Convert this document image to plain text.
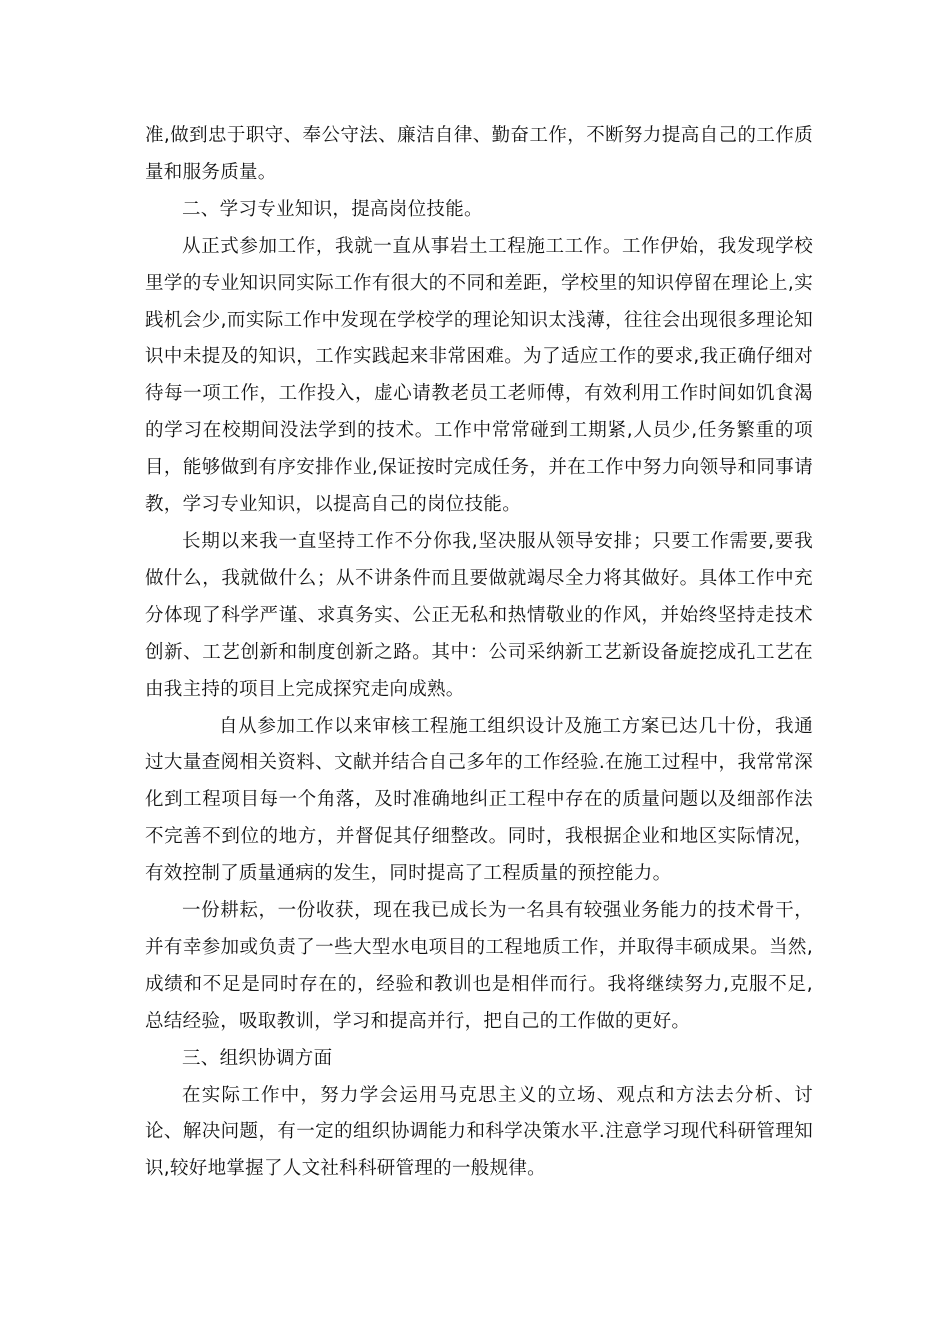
准,做到忠于职守、奉公守法、廉洁自律、勤奋工作，不断努力提高自己的工作质量和服务质量。

二、学习专业知识，提高岗位技能。

从正式参加工作，我就一直从事岩土工程施工工作。工作伊始，我发现学校里学的专业知识同实际工作有很大的不同和差距，学校里的知识停留在理论上,实践机会少,而实际工作中发现在学校学的理论知识太浅薄，往往会出现很多理论知识中未提及的知识，工作实践起来非常困难。为了适应工作的要求,我正确仔细对待每一项工作，工作投入，虚心请教老员工老师傅，有效利用工作时间如饥食渴的学习在校期间没法学到的技术。工作中常常碰到工期紧,人员少,任务繁重的项目，能够做到有序安排作业,保证按时完成任务，并在工作中努力向领导和同事请教，学习专业知识，以提高自己的岗位技能。

长期以来我一直坚持工作不分你我,坚决服从领导安排；只要工作需要,要我做什么，我就做什么；从不讲条件而且要做就竭尽全力将其做好。具体工作中充分体现了科学严谨、求真务实、公正无私和热情敬业的作风，并始终坚持走技术创新、工艺创新和制度创新之路。其中：公司采纳新工艺新设备旋挖成孔工艺在由我主持的项目上完成探究走向成熟。

自从参加工作以来审核工程施工组织设计及施工方案已达几十份，我通过大量查阅相关资料、文献并结合自己多年的工作经验.在施工过程中，我常常深化到工程项目每一个角落，及时准确地纠正工程中存在的质量问题以及细部作法不完善不到位的地方，并督促其仔细整改。同时，我根据企业和地区实际情况，有效控制了质量通病的发生，同时提高了工程质量的预控能力。

一份耕耘，一份收获，现在我已成长为一名具有较强业务能力的技术骨干，并有幸参加或负责了一些大型水电项目的工程地质工作，并取得丰硕成果。当然,成绩和不足是同时存在的，经验和教训也是相伴而行。我将继续努力,克服不足,总结经验，吸取教训，学习和提高并行，把自己的工作做的更好。

三、组织协调方面

在实际工作中，努力学会运用马克思主义的立场、观点和方法去分析、讨论、解决问题，有一定的组织协调能力和科学决策水平.注意学习现代科研管理知识,较好地掌握了人文社科科研管理的一般规律。
